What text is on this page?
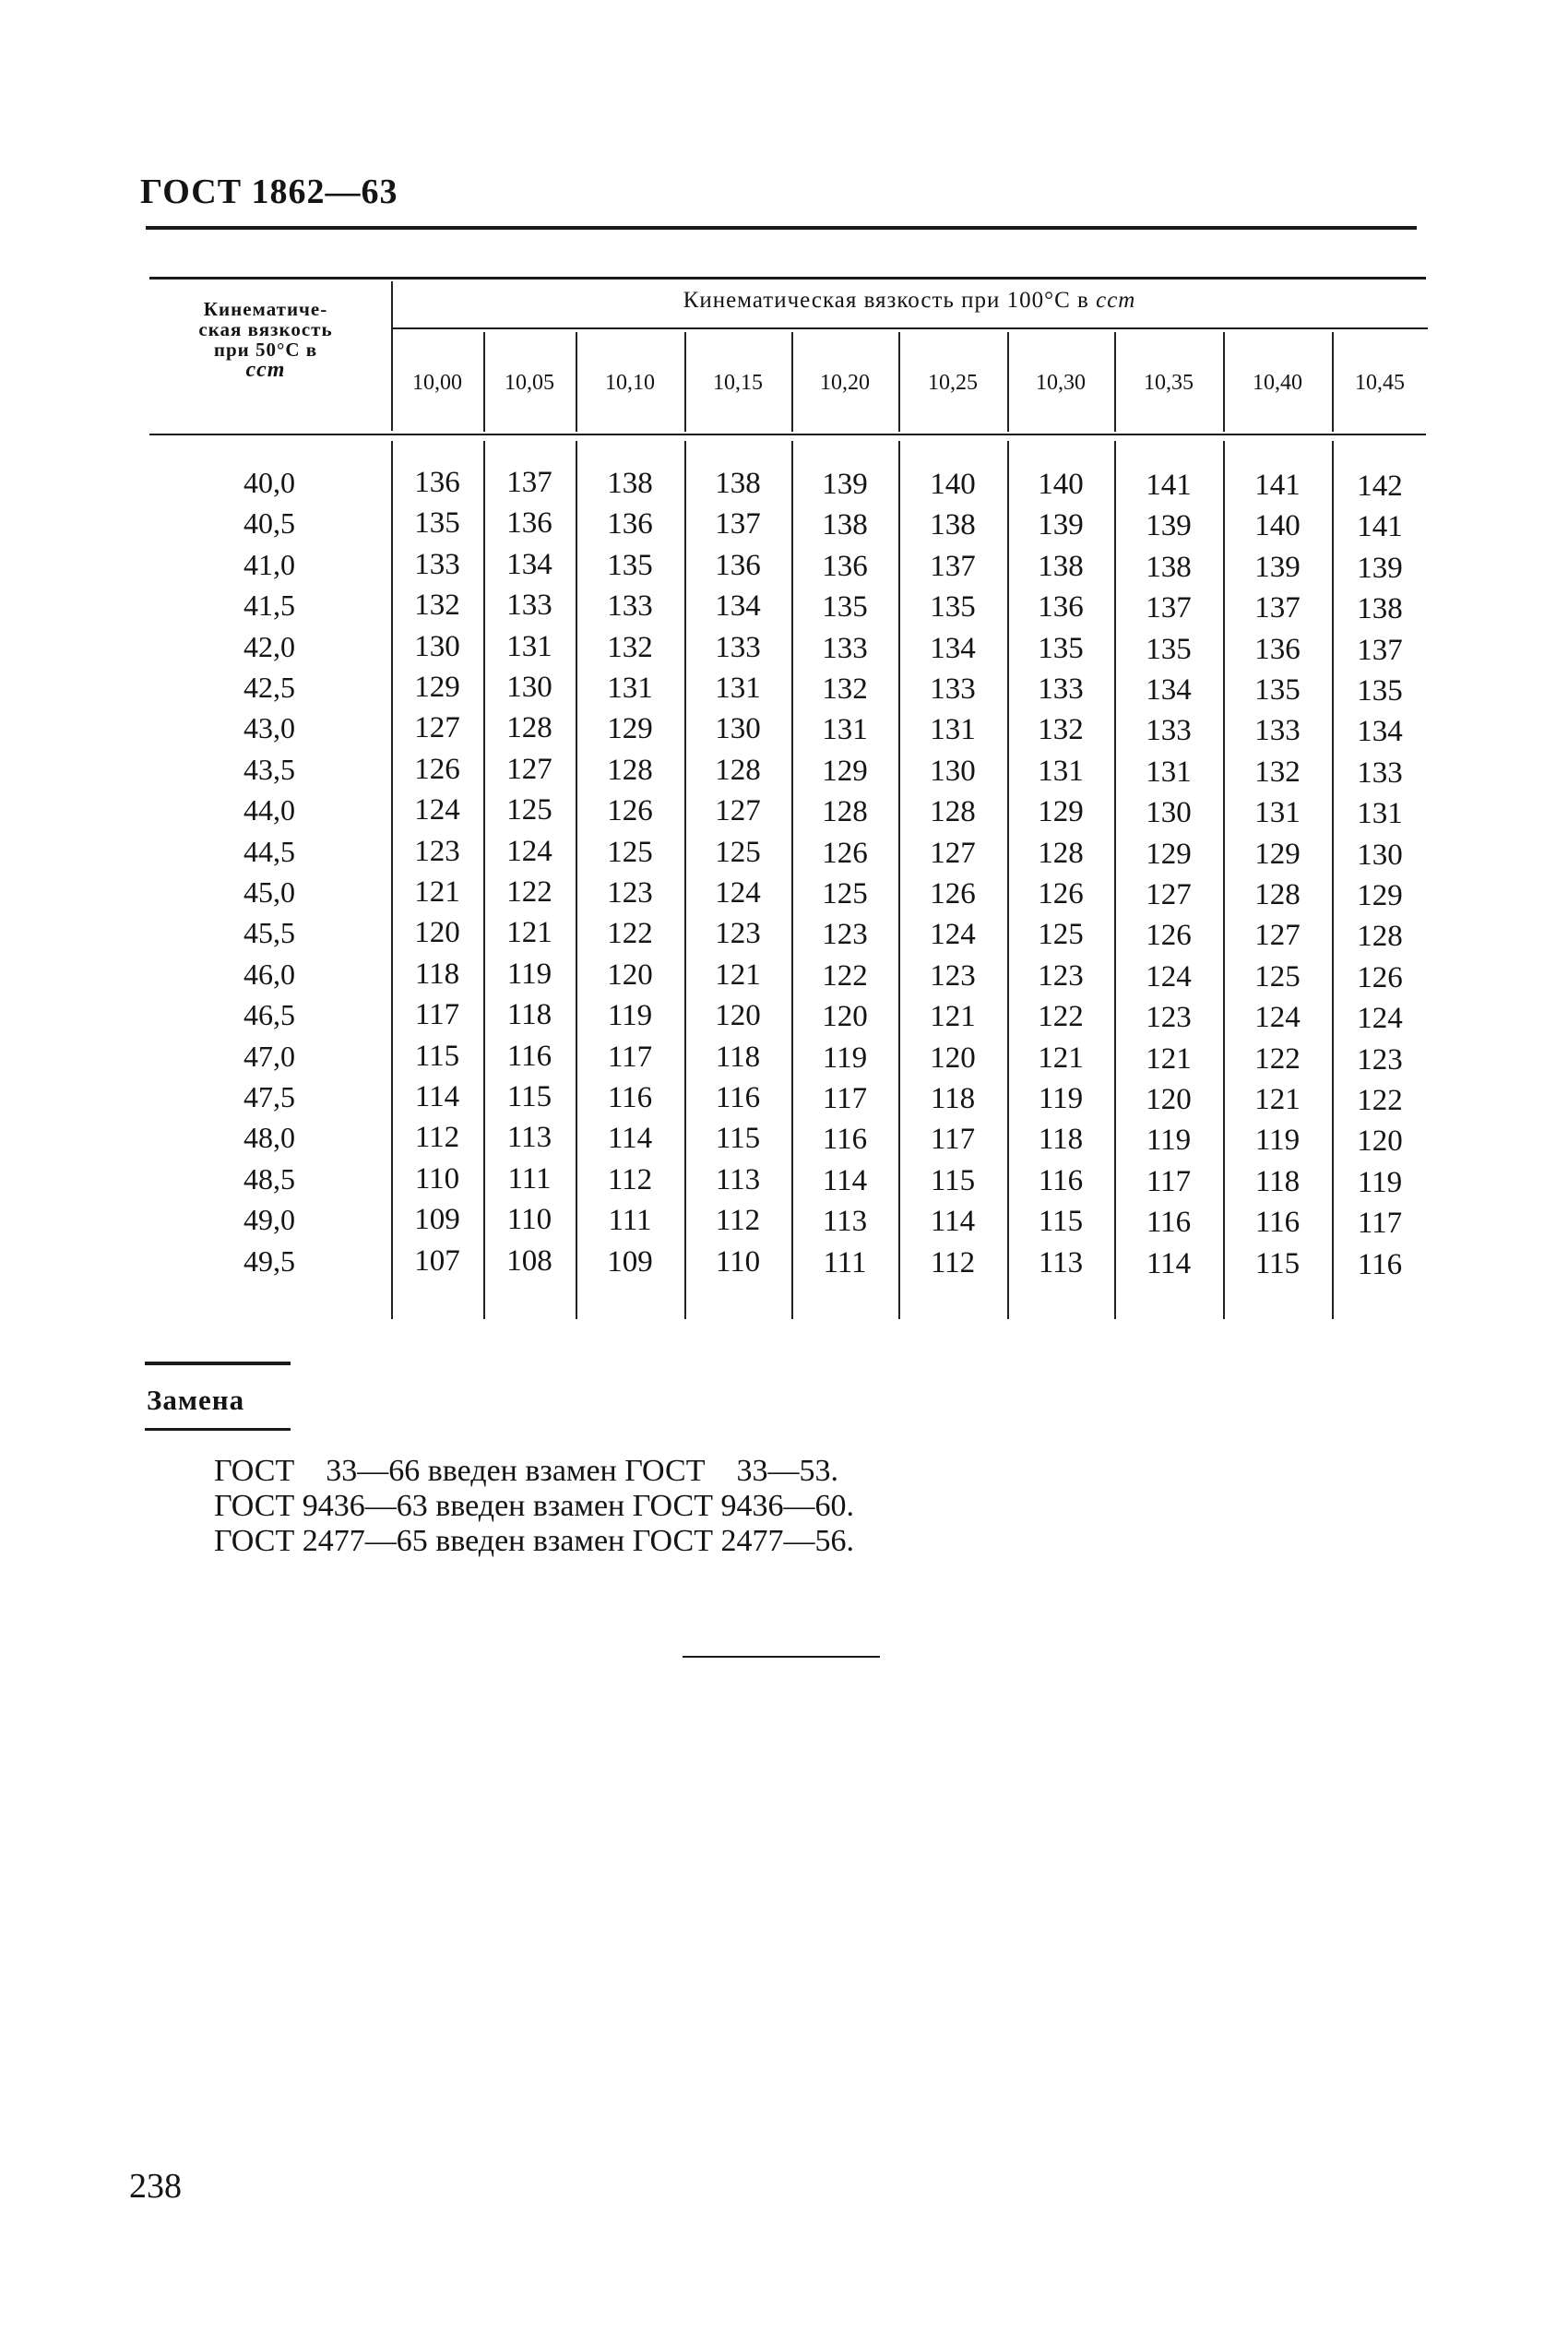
ГОСТ 1862—63
Кинематиче-
ская вязкость
при 50°С в
сст
Кинематическая вязкость при 100°С в сст
10,00	10,05	10,10	10,15	10,20	10,25	10,30	10,35	10,40	10,45
40,0	136	137	138	138	139	140	140	141	141	142
40,5	135	136	136	137	138	138	139	139	140	141
41,0	133	134	135	136	136	137	138	138	139	139
41,5	132	133	133	134	135	135	136	137	137	138
42,0	130	131	132	133	133	134	135	135	136	137
42,5	129	130	131	131	132	133	133	134	135	135
43,0	127	128	129	130	131	131	132	133	133	134
43,5	126	127	128	128	129	130	131	131	132	133
44,0	124	125	126	127	128	128	129	130	131	131
44,5	123	124	125	125	126	127	128	129	129	130
45,0	121	122	123	124	125	126	126	127	128	129
45,5	120	121	122	123	123	124	125	126	127	128
46,0	118	119	120	121	122	123	123	124	125	126
46,5	117	118	119	120	120	121	122	123	124	124
47,0	115	116	117	118	119	120	121	121	122	123
47,5	114	115	116	116	117	118	119	120	121	122
48,0	112	113	114	115	116	117	118	119	119	120
48,5	110	111	112	113	114	115	116	117	118	119
49,0	109	110	111	112	113	114	115	116	116	117
49,5	107	108	109	110	111	112	113	114	115	116
Замена
ГОСТ    33—66 введен взамен ГОСТ    33—53.
ГОСТ 9436—63 введен взамен ГОСТ 9436—60.
ГОСТ 2477—65 введен взамен ГОСТ 2477—56.
238
